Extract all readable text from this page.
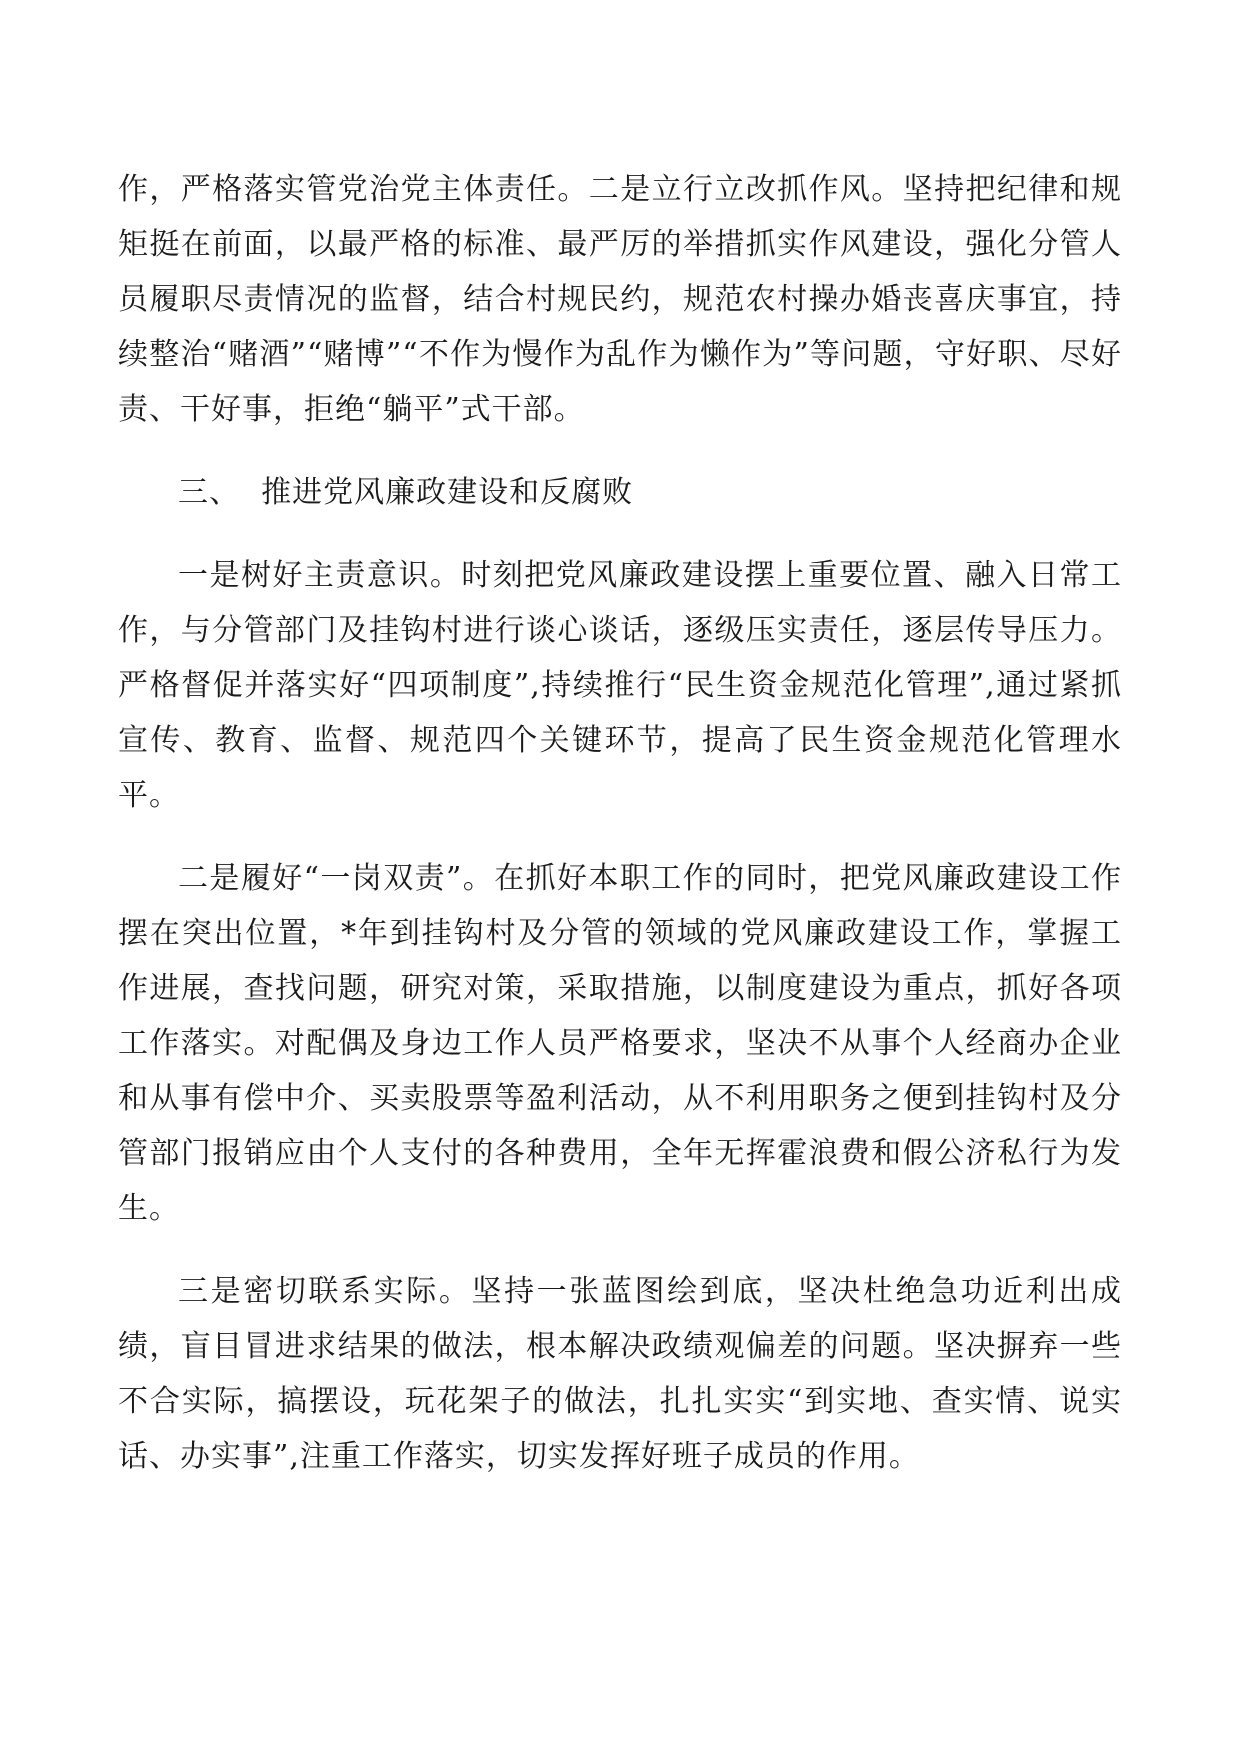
作，严格落实管党治党主体责任。二是立行立改抓作风。坚持把纪律和规矩挺在前面，以最严格的标准、最严厉的举措抓实作风建设，强化分管人员履职尽责情况的监督，结合村规民约，规范农村操办婚丧喜庆事宜，持续整治“赌酒”“赌博”“不作为慢作为乱作为懒作为”等问题，守好职、尽好责、干好事，拒绝“躺平”式干部。

三、  推进党风廉政建设和反腐败

一是树好主责意识。时刻把党风廉政建设摆上重要位置、融入日常工作，与分管部门及挂钩村进行谈心谈话，逐级压实责任，逐层传导压力。严格督促并落实好“四项制度”,持续推行“民生资金规范化管理”,通过紧抓宣传、教育、监督、规范四个关键环节，提高了民生资金规范化管理水平。

二是履好“一岗双责”。在抓好本职工作的同时，把党风廉政建设工作摆在突出位置，*年到挂钩村及分管的领域的党风廉政建设工作，掌握工作进展，查找问题，研究对策，采取措施，以制度建设为重点，抓好各项工作落实。对配偶及身边工作人员严格要求，坚决不从事个人经商办企业和从事有偿中介、买卖股票等盈利活动，从不利用职务之便到挂钩村及分管部门报销应由个人支付的各种费用，全年无挥霍浪费和假公济私行为发生。

三是密切联系实际。坚持一张蓝图绘到底，坚决杜绝急功近利出成绩，盲目冒进求结果的做法，根本解决政绩观偏差的问题。坚决摒弃一些不合实际，搞摆设，玩花架子的做法，扎扎实实“到实地、查实情、说实话、办实事”,注重工作落实，切实发挥好班子成员的作用。
